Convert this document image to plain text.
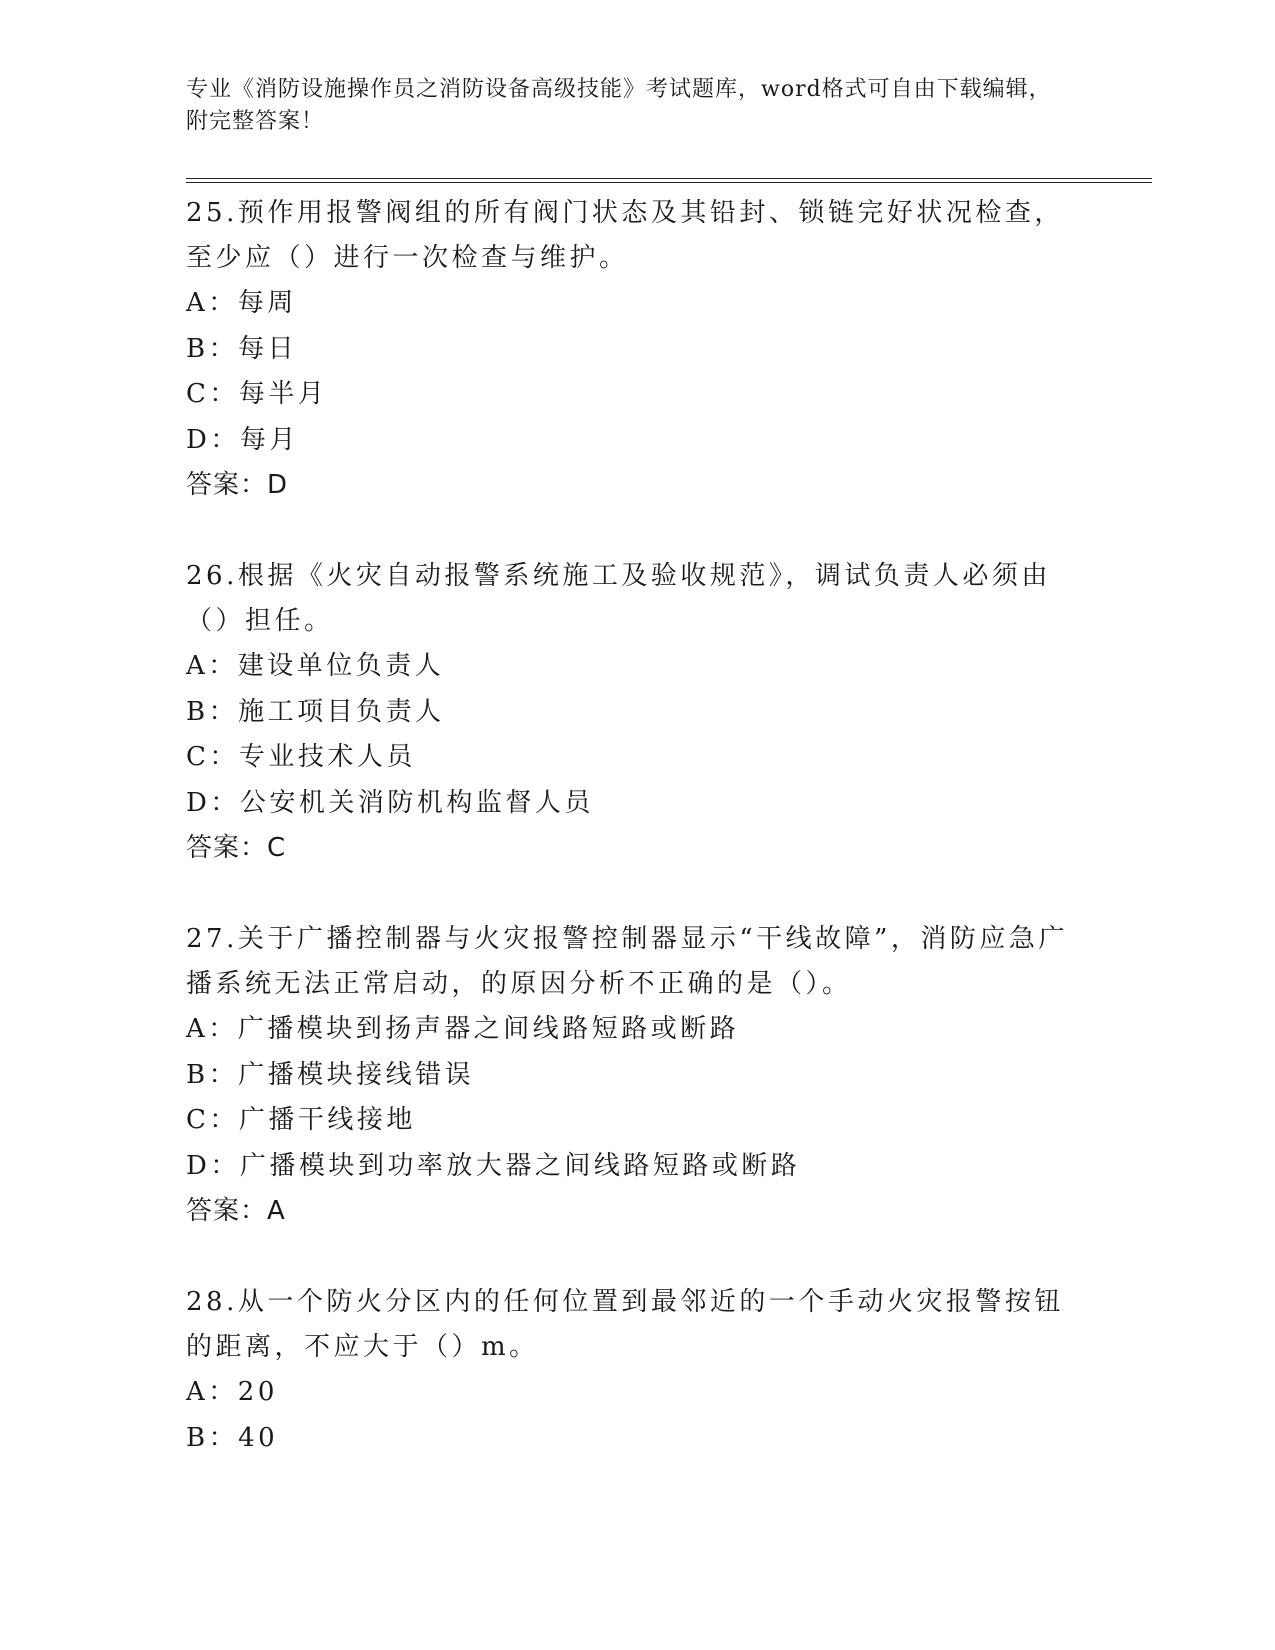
专业《消防设施操作员之消防设备高级技能》考试题库，word格式可自由下载编辑，附完整答案！

25.预作用报警阀组的所有阀门状态及其铅封、锁链完好状况检查，至少应（）进行一次检查与维护。

A：每周

B：每日

C：每半月

D：每月

答案：D

26.根据《火灾自动报警系统施工及验收规范》，调试负责人必须由（）担任。

A：建设单位负责人

B：施工项目负责人

C：专业技术人员

D：公安机关消防机构监督人员

答案：C

27.关于广播控制器与火灾报警控制器显示“干线故障”，消防应急广播系统无法正常启动，的原因分析不正确的是（）。

A：广播模块到扬声器之间线路短路或断路

B：广播模块接线错误

C：广播干线接地

D：广播模块到功率放大器之间线路短路或断路

答案：A

28.从一个防火分区内的任何位置到最邻近的一个手动火灾报警按钮的距离，不应大于（）m。

A：20

B：40
